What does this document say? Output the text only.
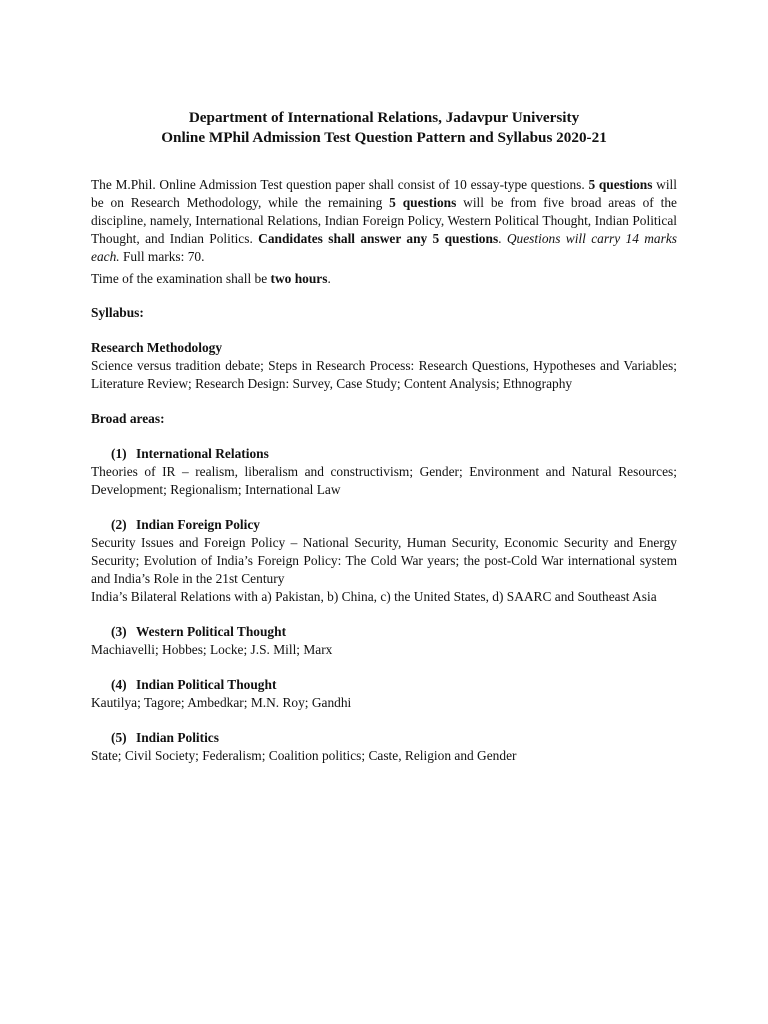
Department of International Relations, Jadavpur University

Online MPhil Admission Test Question Pattern and Syllabus 2020-21

The M.Phil. Online Admission Test question paper shall consist of 10 essay-type questions. 5 questions will be on Research Methodology, while the remaining 5 questions will be from five broad areas of the discipline, namely, International Relations, Indian Foreign Policy, Western Political Thought, Indian Political Thought, and Indian Politics. Candidates shall answer any 5 questions. Questions will carry 14 marks each. Full marks: 70.

Time of the examination shall be two hours.

Syllabus:

Research Methodology

Science versus tradition debate; Steps in Research Process: Research Questions, Hypotheses and Variables; Literature Review; Research Design: Survey, Case Study; Content Analysis; Ethnography

Broad areas:

(1) International Relations

Theories of IR – realism, liberalism and constructivism; Gender; Environment and Natural Resources; Development; Regionalism; International Law

(2) Indian Foreign Policy

Security Issues and Foreign Policy – National Security, Human Security, Economic Security and Energy Security; Evolution of India’s Foreign Policy: The Cold War years; the post-Cold War international system and India’s Role in the 21st Century

India’s Bilateral Relations with a) Pakistan, b) China, c) the United States, d) SAARC and Southeast Asia

(3) Western Political Thought

Machiavelli; Hobbes; Locke; J.S. Mill; Marx

(4) Indian Political Thought

Kautilya; Tagore; Ambedkar; M.N. Roy; Gandhi

(5) Indian Politics

State; Civil Society; Federalism; Coalition politics; Caste, Religion and Gender
